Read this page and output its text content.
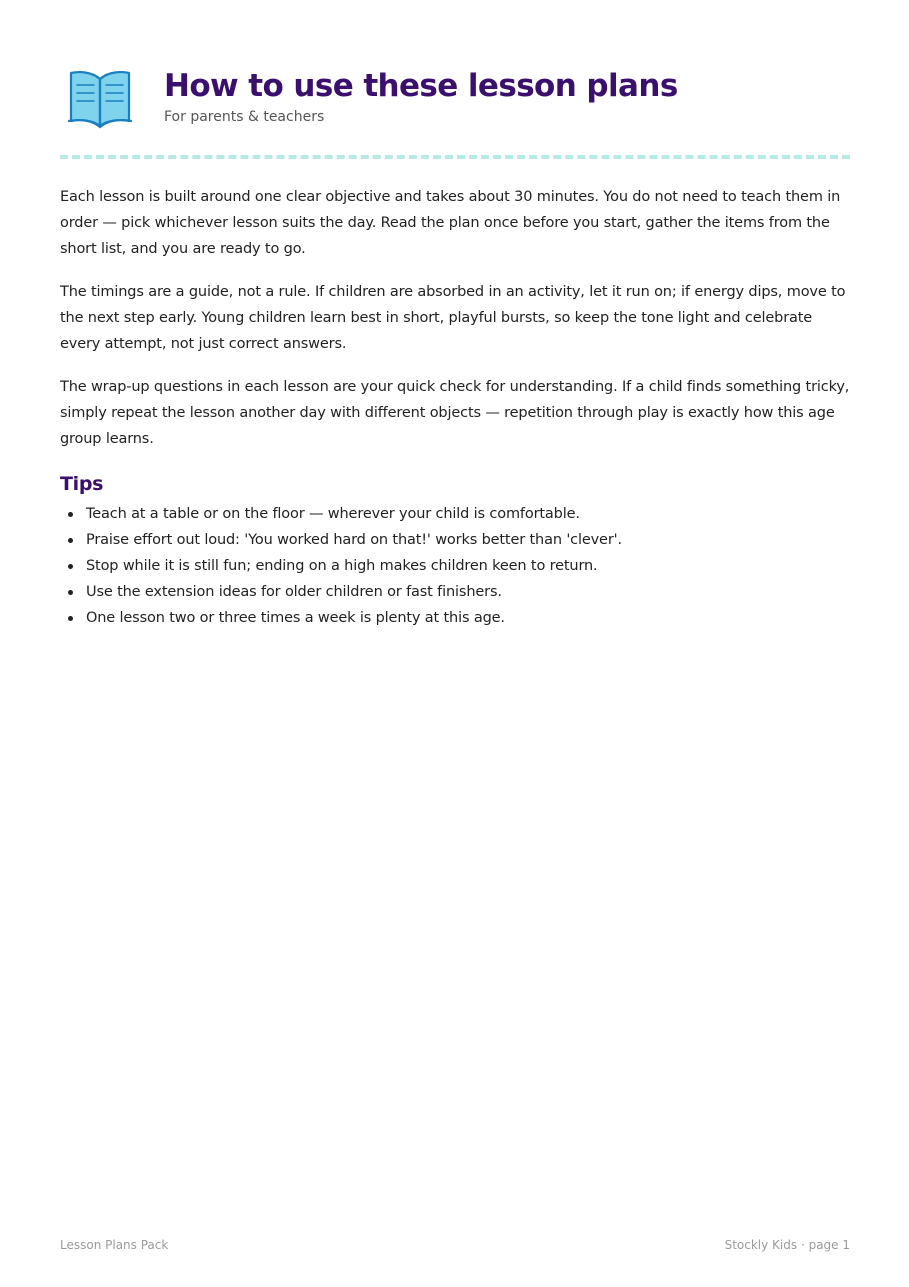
How to use these lesson plans
For parents & teachers

Each lesson is built around one clear objective and takes about 30 minutes. You do not need to teach them in order — pick whichever lesson suits the day. Read the plan once before you start, gather the items from the short list, and you are ready to go.

The timings are a guide, not a rule. If children are absorbed in an activity, let it run on; if energy dips, move to the next step early. Young children learn best in short, playful bursts, so keep the tone light and celebrate every attempt, not just correct answers.

The wrap-up questions in each lesson are your quick check for understanding. If a child finds something tricky, simply repeat the lesson another day with different objects — repetition through play is exactly how this age group learns.

Tips
Teach at a table or on the floor — wherever your child is comfortable.
Praise effort out loud: 'You worked hard on that!' works better than 'clever'.
Stop while it is still fun; ending on a high makes children keen to return.
Use the extension ideas for older children or fast finishers.
One lesson two or three times a week is plenty at this age.
Lesson Plans Pack	Stockly Kids · page 1
